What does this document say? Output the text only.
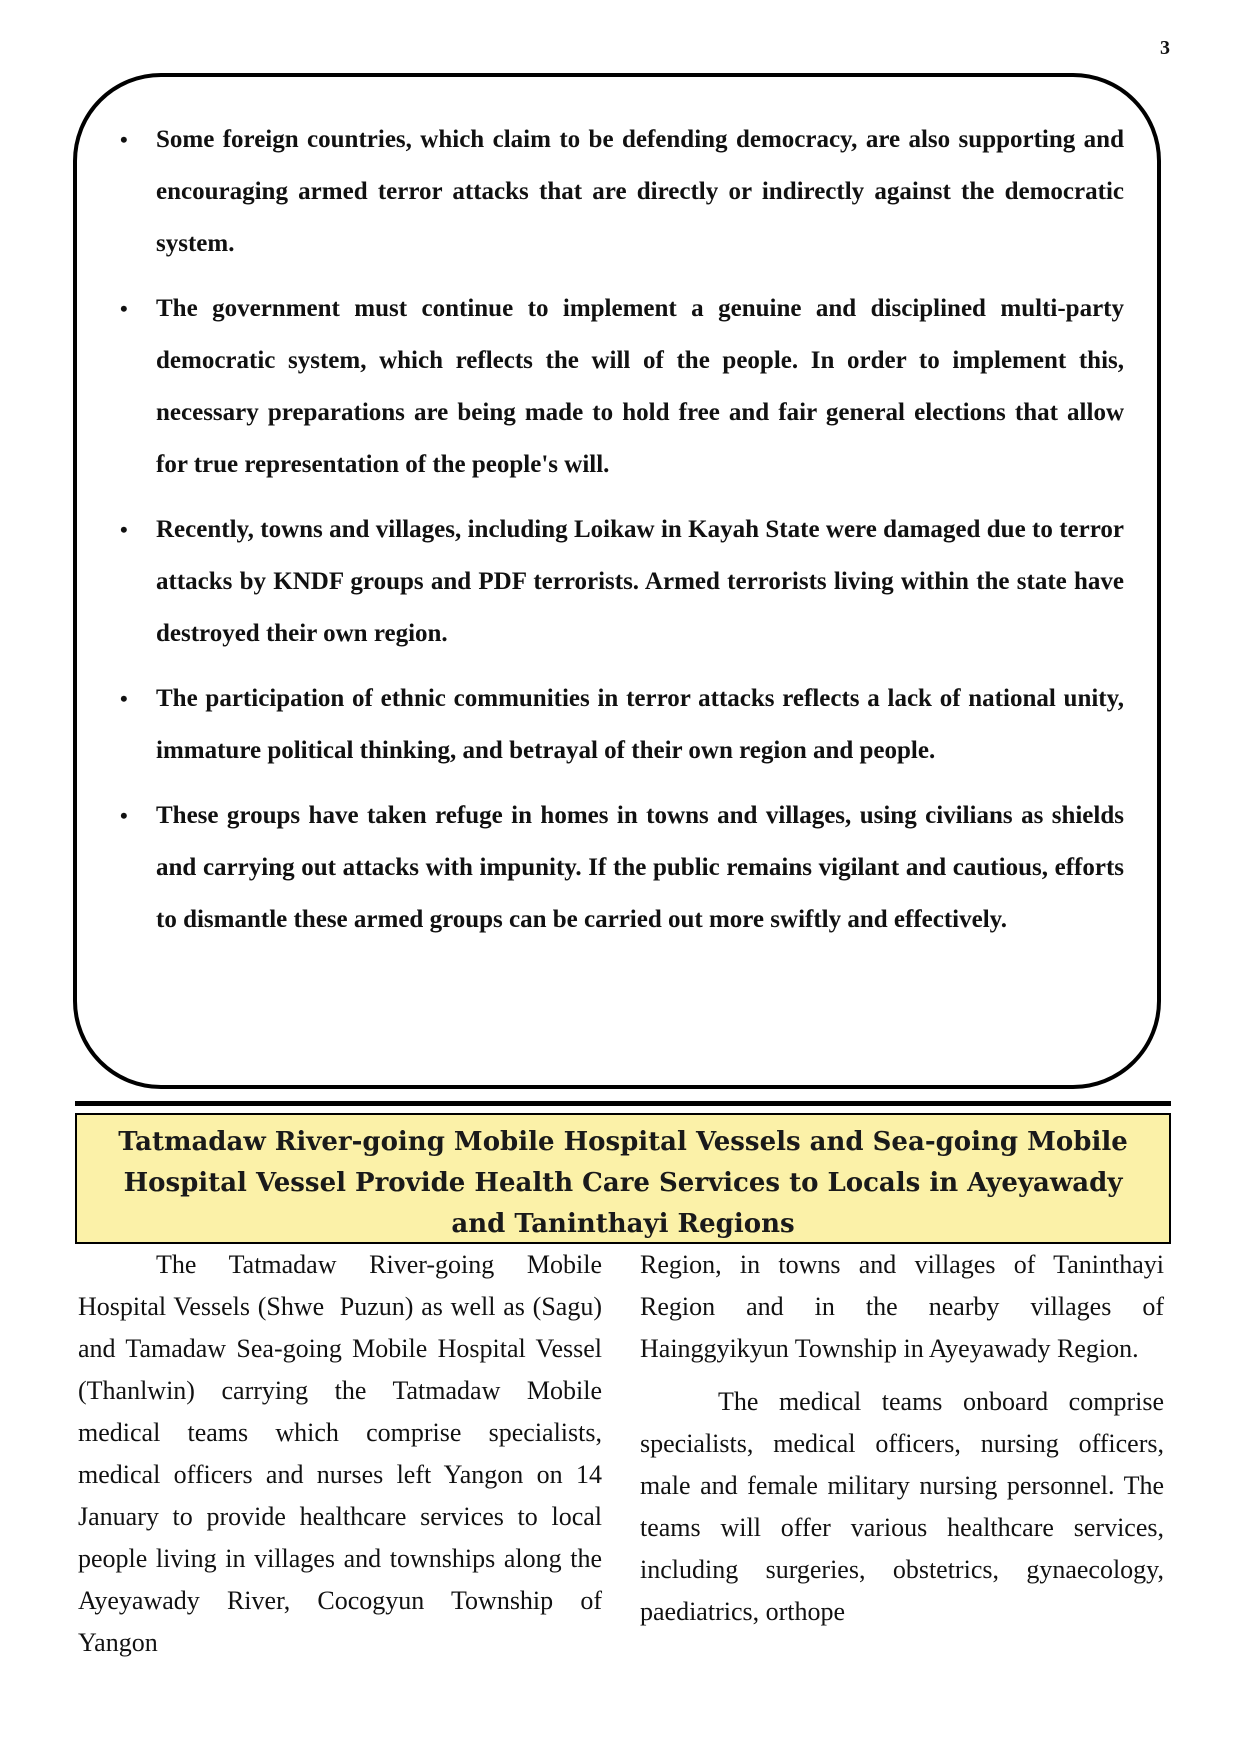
3
• Some foreign countries, which claim to be defending democracy, are also supporting and encouraging armed terror attacks that are directly or indirectly against the democratic system.
• The government must continue to implement a genuine and disciplined multi-party democratic system, which reflects the will of the people. In order to implement this, necessary preparations are being made to hold free and fair general elections that allow for true representation of the people's will.
• Recently, towns and villages, including Loikaw in Kayah State were damaged due to terror attacks by KNDF groups and PDF terrorists. Armed terrorists living within the state have destroyed their own region.
• The participation of ethnic communities in terror attacks reflects a lack of national unity, immature political thinking, and betrayal of their own region and people.
• These groups have taken refuge in homes in towns and villages, using civilians as shields and carrying out attacks with impunity. If the public remains vigilant and cautious, efforts to dismantle these armed groups can be carried out more swiftly and effectively.
Tatmadaw River-going Mobile Hospital Vessels and Sea-going Mobile Hospital Vessel Provide Health Care Services to Locals in Ayeyawady and Taninthayi Regions

The Tatmadaw River-going Mobile Hospital Vessels (Shwe  Puzun) as well as (Sagu) and Tamadaw Sea-going Mobile Hospital Vessel (Thanlwin) carrying the Tatmadaw Mobile medical teams which comprise specialists, medical officers and nurses left Yangon on 14 January to provide healthcare services to local people living in villages and townships along the Ayeyawady River, Cocogyun Township of Yangon

Region, in towns and villages of Taninthayi Region and in the nearby villages of Hainggyikyun Township in Ayeyawady Region.

The medical teams onboard comprise specialists, medical officers, nursing officers, male and female military nursing personnel. The teams will offer various healthcare services, including surgeries, obstetrics, gynaecology, paediatrics, orthope
